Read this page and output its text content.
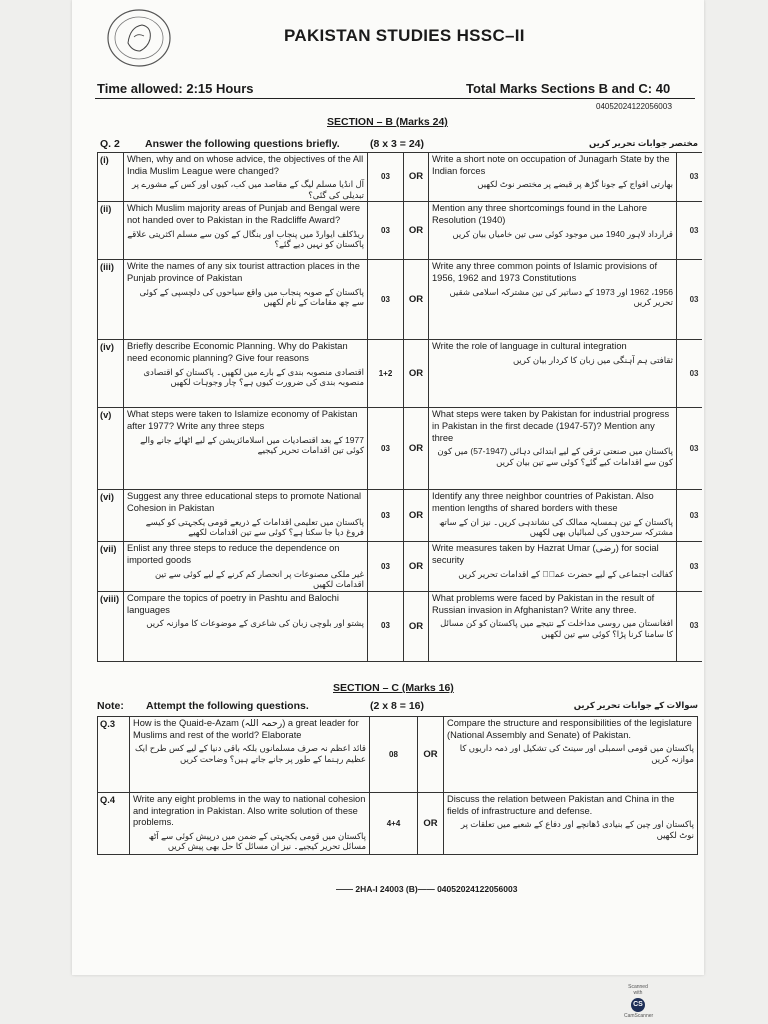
PAKISTAN STUDIES HSSC–II
Time allowed: 2:15 Hours	Total Marks Sections B and C: 40
0405202412205600З
SECTION – B (Marks 24)
Q. 2 Answer the following questions briefly.	(8 x 3 = 24)	مختصر جوابات تحریر کریں
(i)	When, why and on whose advice, the objectives of the All India Muslim League were changed?
آل انڈیا مسلم لیگ کے مقاصد میں کب، کیوں اور کس کے مشورے پر تبدیلی کی گئی؟	03	OR	Write a short note on occupation of Junagarh State by the Indian forces
بھارتی افواج کے جونا گڑھ پر قبضے پر مختصر نوٹ لکھیں	03
(ii)	Which Muslim majority areas of Punjab and Bengal were not handed over to Pakistan in the Radcliffe Award?
ریڈکلف ایوارڈ میں پنجاب اور بنگال کے کون سے مسلم اکثریتی علاقے پاکستان کو نہیں دیے گئے؟	03	OR	Mention any three shortcomings found in the Lahore Resolution (1940)
قرارداد لاہور 1940 میں موجود کوئی سی تین خامیاں بیان کریں	03
(iii)	Write the names of any six tourist attraction places in the Punjab province of Pakistan
پاکستان کے صوبہ پنجاب میں واقع سیاحوں کی دلچسپی کے کوئی سے چھ مقامات کے نام لکھیں	03	OR	Write any three common points of Islamic provisions of 1956, 1962 and 1973 Constitutions
1956، 1962 اور 1973 کے دساتیر کی تین مشترکہ اسلامی شقیں تحریر کریں	03
(iv)	Briefly describe Economic Planning. Why do Pakistan need economic planning? Give four reasons
اقتصادی منصوبہ بندی کے بارے میں لکھیں۔ پاکستان کو اقتصادی منصوبہ بندی کی ضرورت کیوں ہے؟ چار وجوہات لکھیں	1+2	OR	Write the role of language in cultural integration
ثقافتی ہم آہنگی میں زبان کا کردار بیان کریں	03
(v)	What steps were taken to Islamize economy of Pakistan after 1977? Write any three steps
1977 کے بعد اقتصادیات میں اسلامائزیشن کے لیے اٹھائے جانے والے کوئی تین اقدامات تحریر کیجیے	03	OR	What steps were taken by Pakistan for industrial progress in Pakistan in the first decade (1947-57)? Mention any three
پاکستان میں صنعتی ترقی کے لیے ابتدائی دہائی (1947-57) میں کون کون سے اقدامات کیے گئے؟ کوئی سے تین بیان کریں	03
(vi)	Suggest any three educational steps to promote National Cohesion in Pakistan
پاکستان میں تعلیمی اقدامات کے ذریعے قومی یکجہتی کو کیسے فروغ دیا جا سکتا ہے؟ کوئی سے تین اقدامات لکھیے	03	OR	Identify any three neighbor countries of Pakistan. Also mention lengths of shared borders with these
پاکستان کے تین ہمسایہ ممالک کی نشاندہی کریں۔ نیز ان کے ساتھ مشترکہ سرحدوں کی لمبائیاں بھی لکھیں	03
(vii)	Enlist any three steps to reduce the dependence on imported goods
غیر ملکی مصنوعات پر انحصار کم کرنے کے لیے کوئی سے تین اقدامات لکھیں	03	OR	Write measures taken by Hazrat Umar (رضی) for social security
کفالت اجتماعی کے لیے حضرت عمرؓ کے اقدامات تحریر کریں	03
(viii)	Compare the topics of poetry in Pashtu and Balochi languages
پشتو اور بلوچی زبان کی شاعری کے موضوعات کا موازنہ کریں	03	OR	What problems were faced by Pakistan in the result of Russian invasion in Afghanistan? Write any three.
افغانستان میں روسی مداخلت کے نتیجے میں پاکستان کو کن مسائل کا سامنا کرنا پڑا؟ کوئی سے تین لکھیں	03
SECTION – C (Marks 16)
Note: Attempt the following questions.	(2 x 8 = 16)	سوالات کے جوابات تحریر کریں
Q.3	How is the Quaid-e-Azam (رحمہ اللہ) a great leader for Muslims and rest of the world? Elaborate
قائد اعظم نہ صرف مسلمانوں بلکہ باقی دنیا کے لیے کس طرح ایک عظیم رہنما کے طور پر جانے جاتے ہیں؟ وضاحت کریں	08	OR	Compare the structure and responsibilities of the legislature (National Assembly and Senate) of Pakistan.
پاکستان میں قومی اسمبلی اور سینٹ کی تشکیل اور ذمہ داریوں کا موازنہ کریں

Q.4	Write any eight problems in the way to national cohesion and integration in Pakistan. Also write solution of these problems.
پاکستان میں قومی یکجہتی کے ضمن میں درپیش کوئی سے آٹھ مسائل تحریر کیجیے۔ نیز ان مسائل کا حل بھی پیش کریں	4+4	OR	Discuss the relation between Pakistan and China in the fields of infrastructure and defense.
پاکستان اور چین کے بنیادی ڈھانچے اور دفاع کے شعبے میں تعلقات پر نوٹ لکھیں
—— 2HA-I 24003 (B)—— 04052024122056003
Scanned with
CS
CamScanner
